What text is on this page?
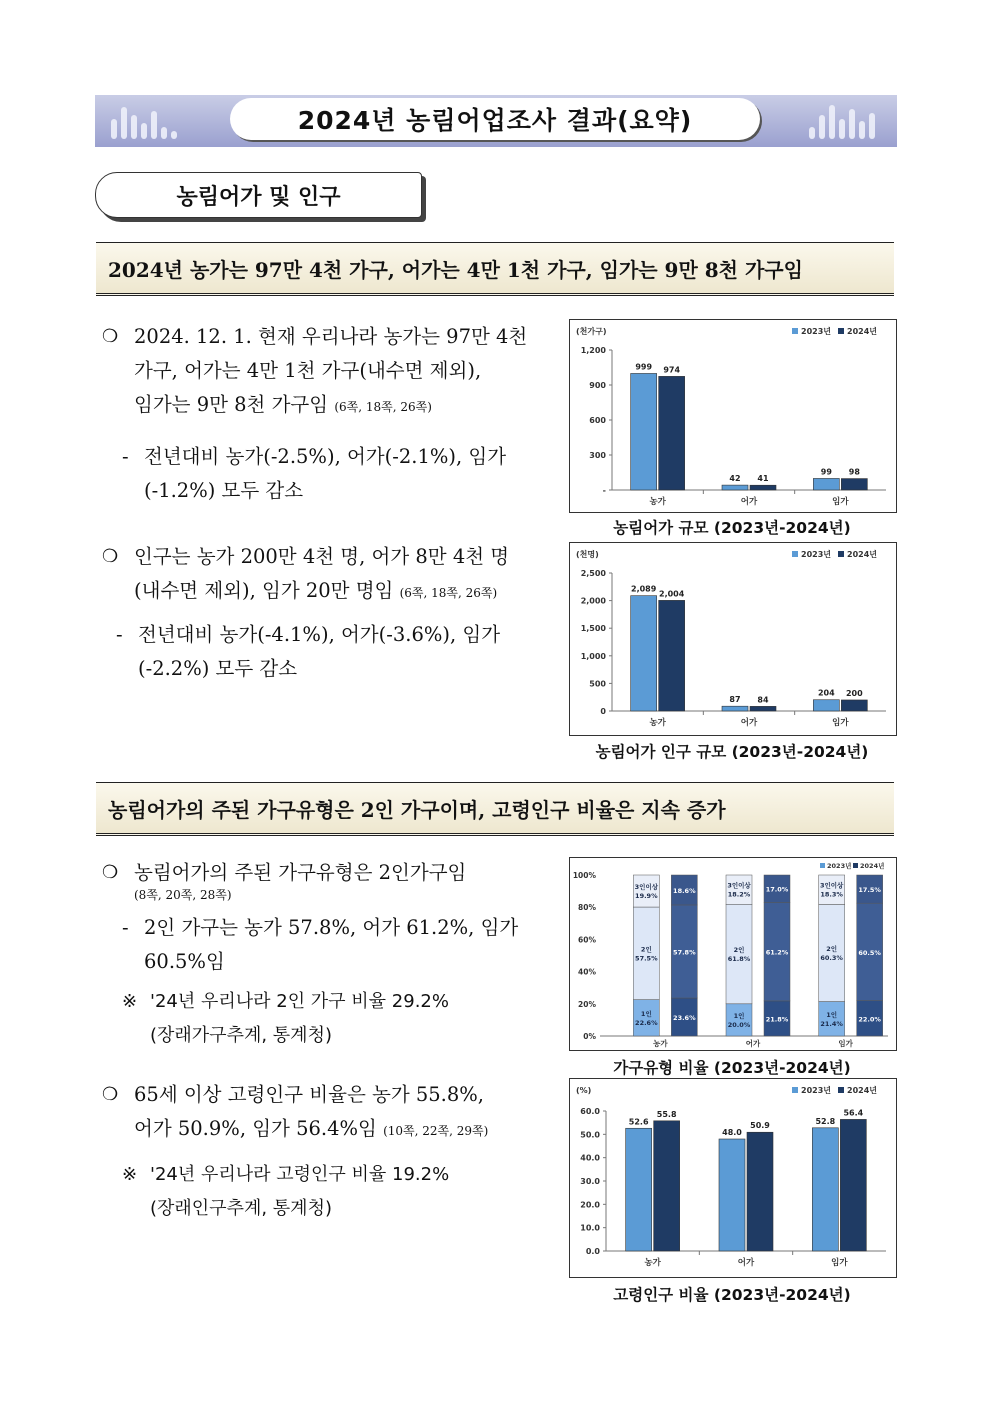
2024년 농림어업조사 결과(요약)
농림어가 및 인구
2024년 농가는 97만 4천 가구, 어가는 4만 1천 가구, 임가는 9만 8천 가구임
❍ 2024. 12. 1. 현재 우리나라 농가는 97만 4천
가구, 어가는 4만 1천 가구(내수면 제외),
임가는 9만 8천 가구임 (6쪽, 18쪽, 26쪽)
- 전년대비 농가(-2.5%), 어가(-2.1%), 임가
(-1.2%) 모두 감소
❍ 인구는 농가 200만 4천 명, 어가 8만 4천 명
(내수면 제외), 임가 20만 명임 (6쪽, 18쪽, 26쪽)
- 전년대비 농가(-4.1%), 어가(-3.6%), 임가
(-2.2%) 모두 감소
(천가구)	2023년 2024년
-
300
600
900
1,200
농가
999 974
어가
42 41
임가
99 98
농림어가 규모 (2023년-2024년)
(천명)	2023년 2024년
0
500
1,000
1,500
2,000
2,500
농가
2,089
2,004
어가
87 84
임가
204 200
농림어가 인구 규모 (2023년-2024년)
농림어가의 주된 가구유형은 2인 가구이며, 고령인구 비율은 지속 증가
❍ 농림어가의 주된 가구유형은 2인가구임
(8쪽, 20쪽, 28쪽)
- 2인 가구는 농가 57.8%, 어가 61.2%, 임가
60.5%임
※ '24년 우리나라 2인 가구 비율 29.2%
(장래가구추계, 통계청)
❍ 65세 이상 고령인구 비율은 농가 55.8%,
어가 50.9%, 임가 56.4%임 (10쪽, 22쪽, 29쪽)
※ '24년 우리나라 고령인구 비율 19.2%
(장래인구추계, 통계청)
2023년 2024년
0%
20%
40%
60%
80%
100%
농가
1인
22.6%
2인
57.5%
3인이상
19.9%
23.6%
57.8%
18.6%
어가
1인
20.0%
2인
61.8%
3인이상
18.2%
21.8%
61.2%
17.0%
임가
1인
21.4%
2인
60.3%
3인이상
18.3%
22.0%
60.5%
17.5%
가구유형 비율 (2023년-2024년)
(%)	2023년 2024년
0.0
10.0
20.0
30.0
40.0
50.0
60.0
농가
52.6
55.8
어가
48.0
50.9
임가
52.8
56.4
고령인구 비율 (2023년-2024년)
